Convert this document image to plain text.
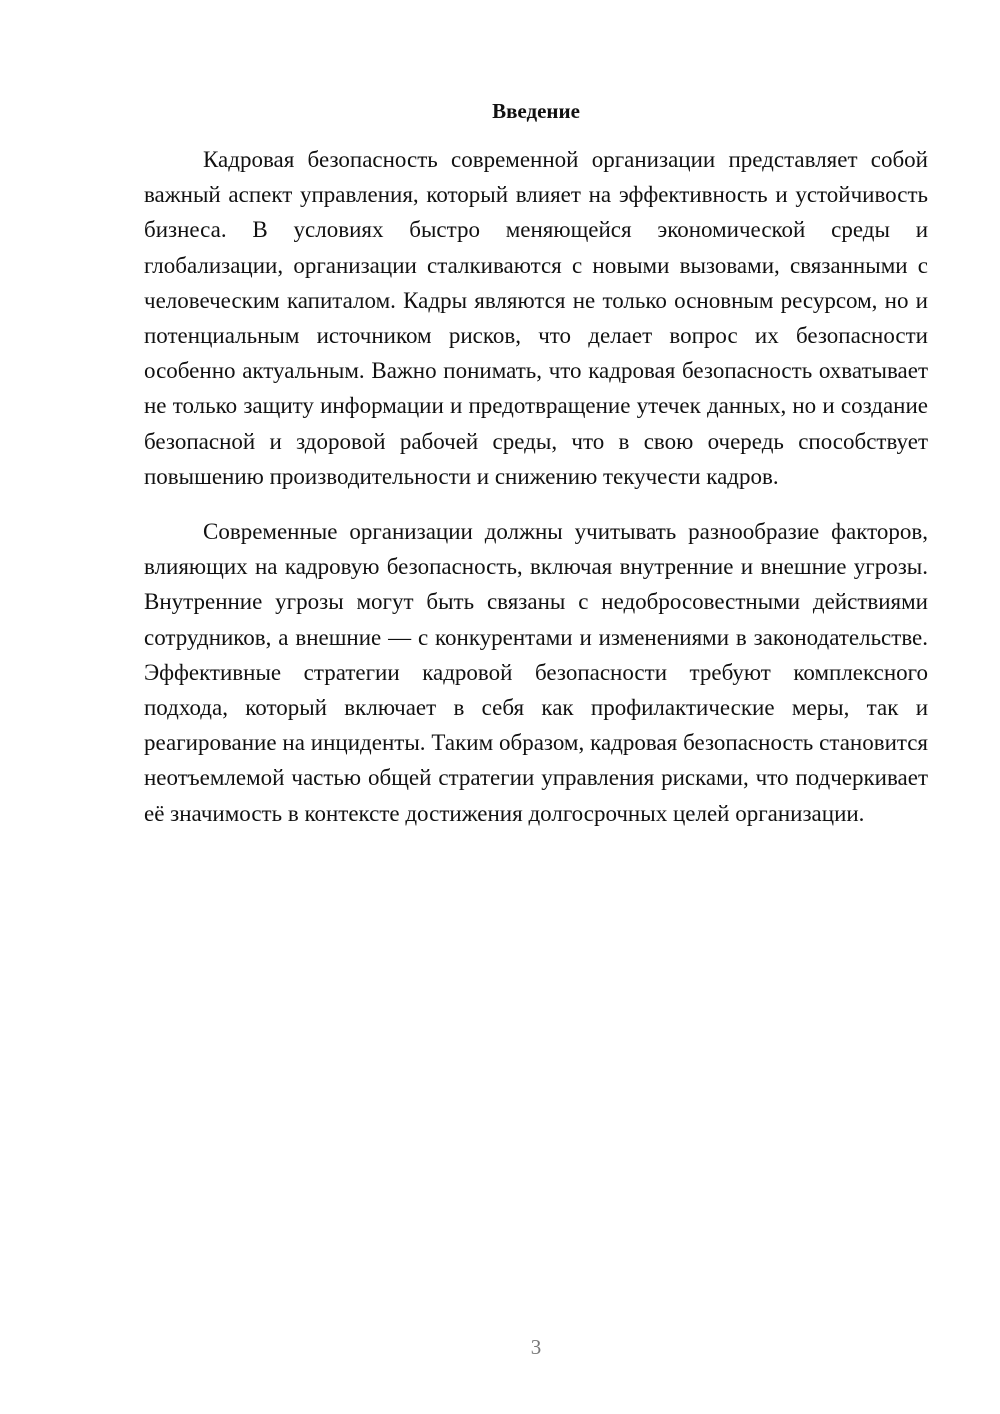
Введение

Кадровая безопасность современной организации представляет собой важный аспект управления, который влияет на эффективность и устойчивость бизнеса. В условиях быстро меняющейся экономической среды и глобализации, организации сталкиваются с новыми вызовами, связанными с человеческим капиталом. Кадры являются не только основным ресурсом, но и потенциальным источником рисков, что делает вопрос их безопасности особенно актуальным. Важно понимать, что кадровая безопасность охватывает не только защиту информации и предотвращение утечек данных, но и создание безопасной и здоровой рабочей среды, что в свою очередь способствует повышению производительности и снижению текучести кадров.

Современные организации должны учитывать разнообразие факторов, влияющих на кадровую безопасность, включая внутренние и внешние угрозы. Внутренние угрозы могут быть связаны с недобросовестными действиями сотрудников, а внешние — с конкурентами и изменениями в законодательстве. Эффективные стратегии кадровой безопасности требуют комплексного подхода, который включает в себя как профилактические меры, так и реагирование на инциденты. Таким образом, кадровая безопасность становится неотъемлемой частью общей стратегии управления рисками, что подчеркивает её значимость в контексте достижения долгосрочных целей организации.

3
